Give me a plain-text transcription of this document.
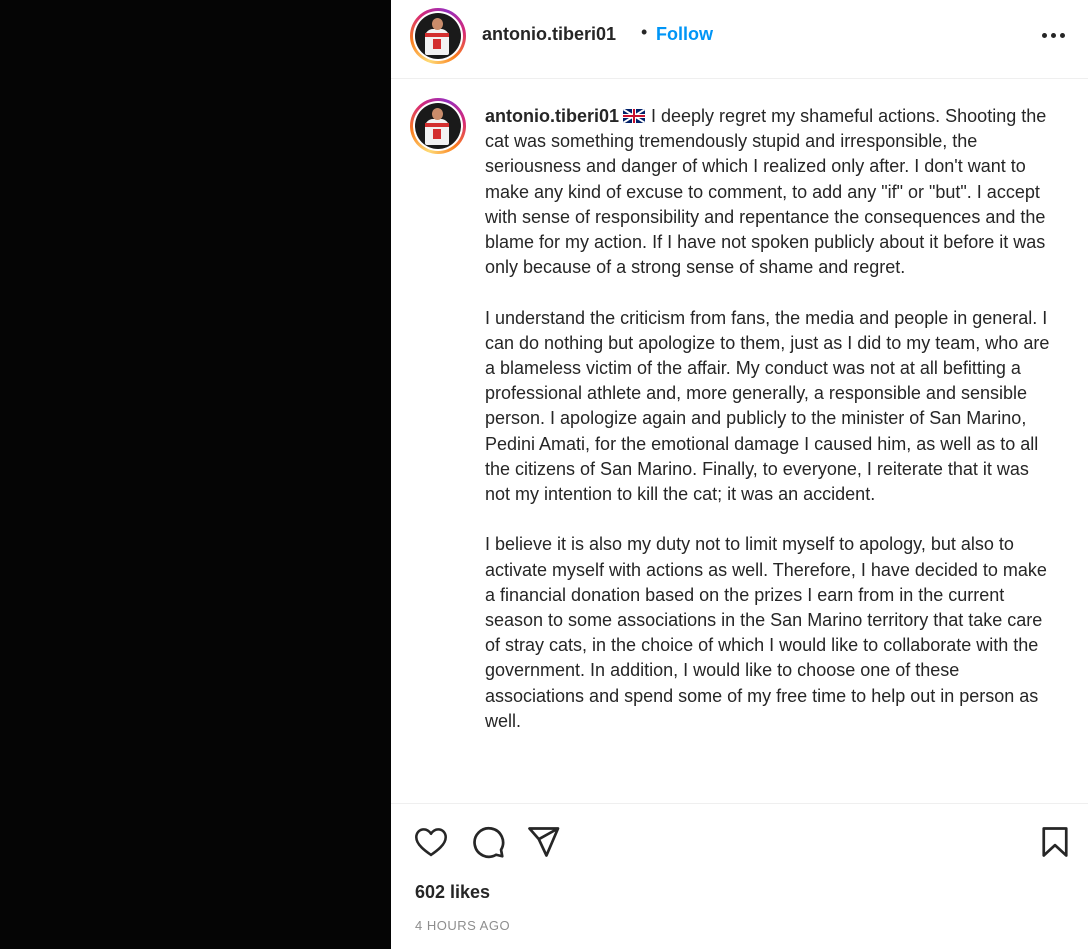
antonio.tiberi01 • Follow
antonio.tiberi01 I deeply regret my shameful actions. Shooting the cat was something tremendously stupid and irresponsible, the seriousness and danger of which I realized only after. I don't want to make any kind of excuse to comment, to add any "if" or "but". I accept with sense of responsibility and repentance the consequences and the blame for my action. If I have not spoken publicly about it before it was only because of a strong sense of shame and regret.

I understand the criticism from fans, the media and people in general. I can do nothing but apologize to them, just as I did to my team, who are a blameless victim of the affair. My conduct was not at all befitting a professional athlete and, more generally, a responsible and sensible person. I apologize again and publicly to the minister of San Marino, Pedini Amati, for the emotional damage I caused him, as well as to all the citizens of San Marino. Finally, to everyone, I reiterate that it was not my intention to kill the cat; it was an accident.

I believe it is also my duty not to limit myself to apology, but also to activate myself with actions as well. Therefore, I have decided to make a financial donation based on the prizes I earn from in the current season to some associations in the San Marino territory that take care of stray cats, in the choice of which I would like to collaborate with the government. In addition, I would like to choose one of these associations and spend some of my free time to help out in person as well.
602 likes
4 HOURS AGO
